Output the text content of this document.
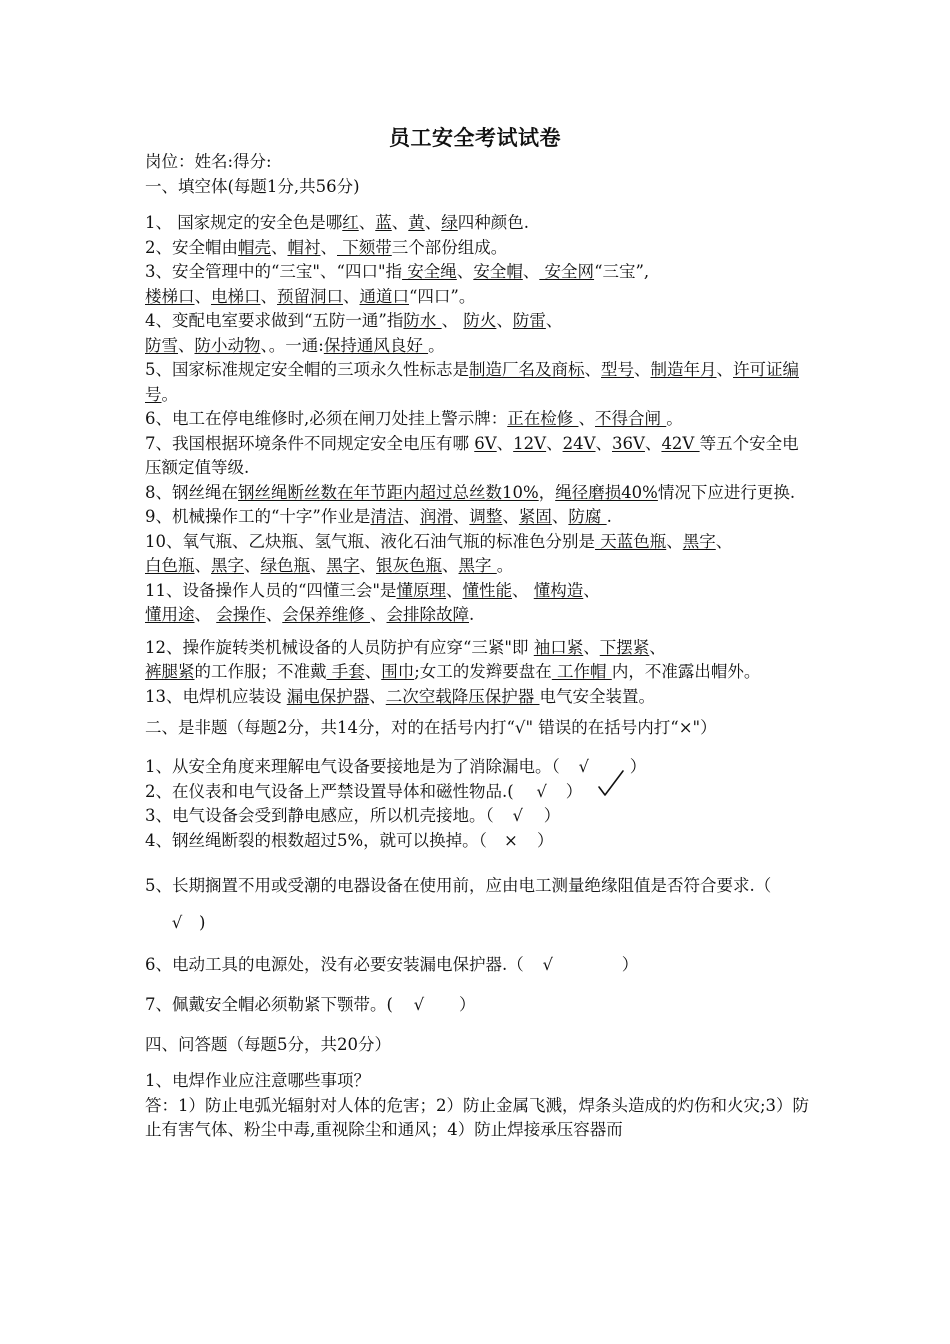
员工安全考试试卷

岗位：姓名:得分:

一、填空体(每题1分,共56分)

1、 国家规定的安全色是哪红、蓝、黄、绿四种颜色.

2、安全帽由帽壳、帽衬、 下颏带三个部份组成。

3、安全管理中的“三宝"、“四口"指 安全绳、安全帽、 安全网“三宝”,
楼梯口、电梯口、预留洞口、通道口“四口”。

4、变配电室要求做到“五防一通”指防水 、 防火、防雷、
防雪、防小动物、。一通:保持通风良好 。

5、国家标准规定安全帽的三项永久性标志是制造厂名及商标、型号、制造年月、许可证编号。

6、电工在停电维修时,必须在闸刀处挂上警示牌：正在检修 、不得合闸 。

7、我国根据环境条件不同规定安全电压有哪 6V、12V、24V、36V、42V 等五个安全电压额定值等级.

8、钢丝绳在钢丝绳断丝数在年节距内超过总丝数10%，绳径磨损40%情况下应进行更换.

9、机械操作工的“十字”作业是清洁、润滑、调整、紧固、防腐 .

10、氧气瓶、乙炔瓶、氢气瓶、液化石油气瓶的标准色分别是 天蓝色瓶、黑字、
白色瓶、黑字、绿色瓶、黑字、银灰色瓶、黑字 。

11、设备操作人员的“四懂三会"是懂原理、懂性能、 懂构造、
懂用途、 会操作、会保养维修 、会排除故障.

12、操作旋转类机械设备的人员防护有应穿“三紧"即 袖口紧、下摆紧、
裤腿紧的工作服；不准戴 手套、围巾;女工的发辫要盘在 工作帽 内，不准露出帽外。

13、电焊机应装设 漏电保护器、二次空载降压保护器 电气安全装置。

二、是非题（每题2分，共14分，对的在括号内打“√" 错误的在括号内打“×"）

1、从安全角度来理解电气设备要接地是为了消除漏电。（ √ ）

2、在仪表和电气设备上严禁设置导体和磁性物品.( √ ）

3、电气设备会受到静电感应，所以机壳接地。（ √ ）

4、钢丝绳断裂的根数超过5%，就可以换掉。（ × ）

5、长期搁置不用或受潮的电器设备在使用前，应由电工测量绝缘阻值是否符合要求.（√ )

6、电动工具的电源处，没有必要安装漏电保护器.（ √	）

7、佩戴安全帽必须勒紧下颚带。( √ ）

四、问答题（每题5分，共20分）

1、电焊作业应注意哪些事项？

答：1）防止电弧光辐射对人体的危害；2）防止金属飞溅，焊条头造成的灼伤和火灾;3）防止有害气体、粉尘中毒,重视除尘和通风；4）防止焊接承压容器而
